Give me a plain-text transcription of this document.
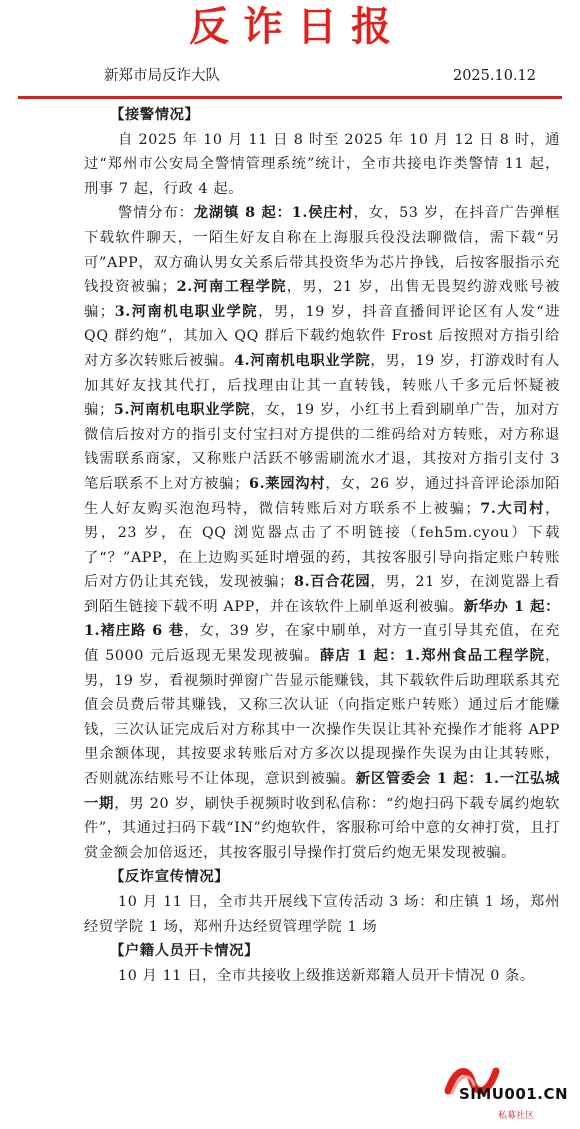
反诈日报
新郑市局反诈大队	2025.10.12

【接警情况】

自 2025 年 10 月 11 日 8 时至 2025 年 10 月 12 日 8 时，通过“郑州市公安局全警情管理系统”统计，全市共接电诈类警情 11 起，刑事 7 起，行政 4 起。

警情分布：龙湖镇 8 起：1.侯庄村，女，53 岁，在抖音广告弹框下载软件聊天，一陌生好友自称在上海服兵役没法聊微信，需下载“另可”APP，双方确认男女关系后带其投资华为芯片挣钱，后按客服指示充钱投资被骗；2.河南工程学院，男，21 岁，出售无畏契约游戏账号被骗；3.河南机电职业学院，男，19 岁，抖音直播间评论区有人发“进 QQ 群约炮”，其加入 QQ 群后下载约炮软件 Frost 后按照对方指引给对方多次转账后被骗。4.河南机电职业学院，男，19 岁，打游戏时有人加其好友找其代打，后找理由让其一直转钱，转账八千多元后怀疑被骗；5.河南机电职业学院，女，19 岁，小红书上看到刷单广告，加对方微信后按对方的指引支付宝扫对方提供的二维码给对方转账，对方称退钱需联系商家，又称账户活跃不够需刷流水才退，其按对方指引支付 3 笔后联系不上对方被骗；6.莱园沟村，女，26 岁，通过抖音评论添加陌生人好友购买泡泡玛特，微信转账后对方联系不上被骗；7.大司村，男，23 岁，在 QQ 浏览器点击了不明链接（feh5m.cyou）下载了“？”APP，在上边购买延时增强的药，其按客服引导向指定账户转账后对方仍让其充钱，发现被骗；8.百合花园，男，21 岁，在浏览器上看到陌生链接下载不明 APP，并在该软件上刷单返利被骗。新华办 1 起：1.褚庄路 6 巷，女，39 岁，在家中刷单，对方一直引导其充值，在充值 5000 元后返现无果发现被骗。薛店 1 起：1.郑州食品工程学院，男，19 岁，看视频时弹窗广告显示能赚钱，其下载软件后助理联系其充值会员费后带其赚钱，又称三次认证（向指定账户转账）通过后才能赚钱，三次认证完成后对方称其中一次操作失误让其补充操作才能将 APP 里余额体现，其按要求转账后对方多次以提现操作失误为由让其转账，否则就冻结账号不让体现，意识到被骗。新区管委会 1 起：1.一江弘城一期，男 20 岁，刷快手视频时收到私信称：“约炮扫码下载专属约炮软件”，其通过扫码下载“IN”约炮软件，客服称可给中意的女神打赏，且打赏金额会加倍返还，其按客服引导操作打赏后约炮无果发现被骗。

【反诈宣传情况】

10 月 11 日，全市共开展线下宣传活动 3 场：和庄镇 1 场，郑州经贸学院 1 场，郑州升达经贸管理学院 1 场

【户籍人员开卡情况】

10 月 11 日，全市共接收上级推送新郑籍人员开卡情况 0 条。

SIMU001.CN
私募社区
